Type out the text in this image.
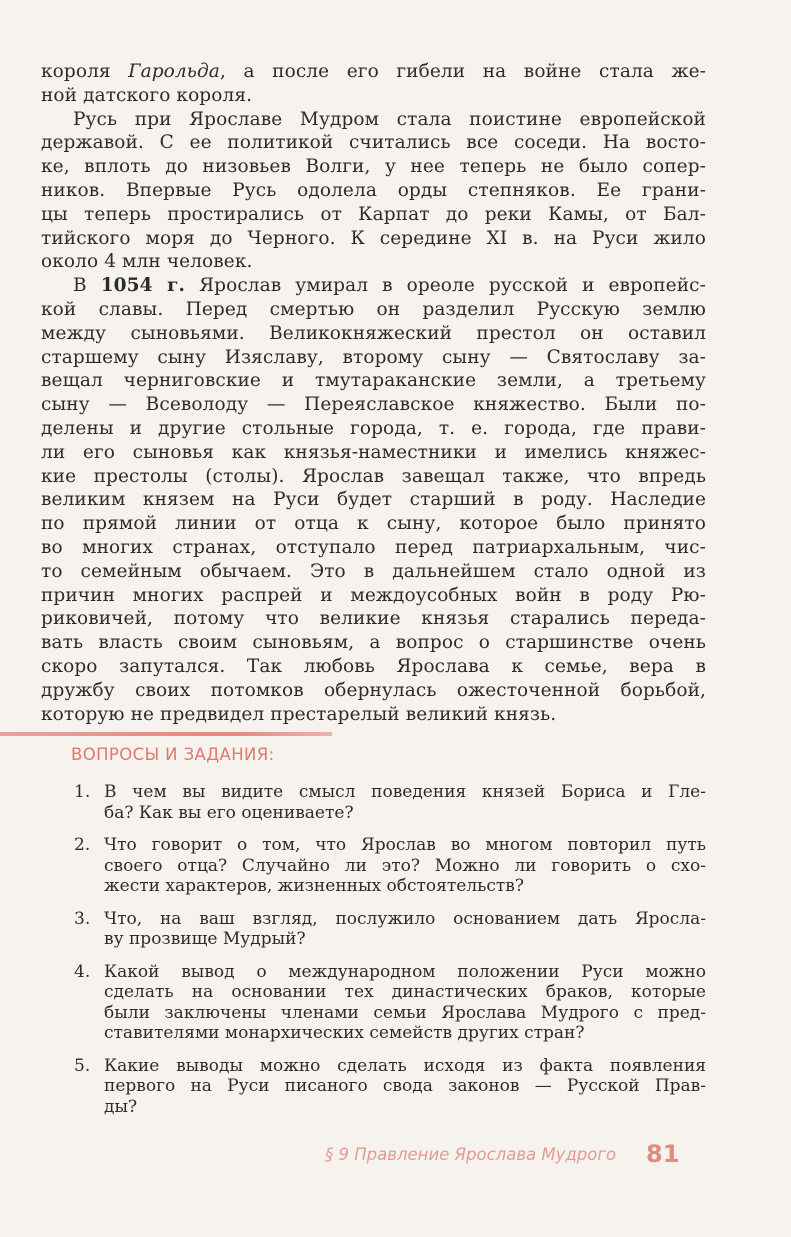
короля Гарольда, а после его гибели на войне стала же-
ной датского короля.
Русь при Ярославе Мудром стала поистине европейской
державой. С ее политикой считались все соседи. На восто-
ке, вплоть до низовьев Волги, у нее теперь не было сопер-
ников. Впервые Русь одолела орды степняков. Ее грани-
цы теперь простирались от Карпат до реки Камы, от Бал-
тийского моря до Черного. К середине XI в. на Руси жило
около 4 млн человек.
В 1054 г. Ярослав умирал в ореоле русской и европейс-
кой славы. Перед смертью он разделил Русскую землю
между сыновьями. Великокняжеский престол он оставил
старшему сыну Изяславу, второму сыну — Святославу за-
вещал черниговские и тмутараканские земли, а третьему
сыну — Всеволоду — Переяславское княжество. Были по-
делены и другие стольные города, т. е. города, где прави-
ли его сыновья как князья-наместники и имелись княжес-
кие престолы (столы). Ярослав завещал также, что впредь
великим князем на Руси будет старший в роду. Наследие
по прямой линии от отца к сыну, которое было принято
во многих странах, отступало перед патриархальным, чис-
то семейным обычаем. Это в дальнейшем стало одной из
причин многих распрей и междоусобных войн в роду Рю-
риковичей, потому что великие князья старались переда-
вать власть своим сыновьям, а вопрос о старшинстве очень
скоро запутался. Так любовь Ярослава к семье, вера в
дружбу своих потомков обернулась ожесточенной борьбой,
которую не предвидел престарелый великий князь.
ВОПРОСЫ И ЗАДАНИЯ:
1. В чем вы видите смысл поведения князей Бориса и Гле-
ба? Как вы его оцениваете?
2. Что говорит о том, что Ярослав во многом повторил путь
своего отца? Случайно ли это? Можно ли говорить о схо-
жести характеров, жизненных обстоятельств?
3. Что, на ваш взгляд, послужило основанием дать Яросла-
ву прозвище Мудрый?
4. Какой вывод о международном положении Руси можно
сделать на основании тех династических браков, которые
были заключены членами семьи Ярослава Мудрого с пред-
ставителями монархических семейств других стран?
5. Какие выводы можно сделать исходя из факта появления
первого на Руси писаного свода законов — Русской Прав-
ды?
§ 9 Правление Ярослава Мудрого 81
